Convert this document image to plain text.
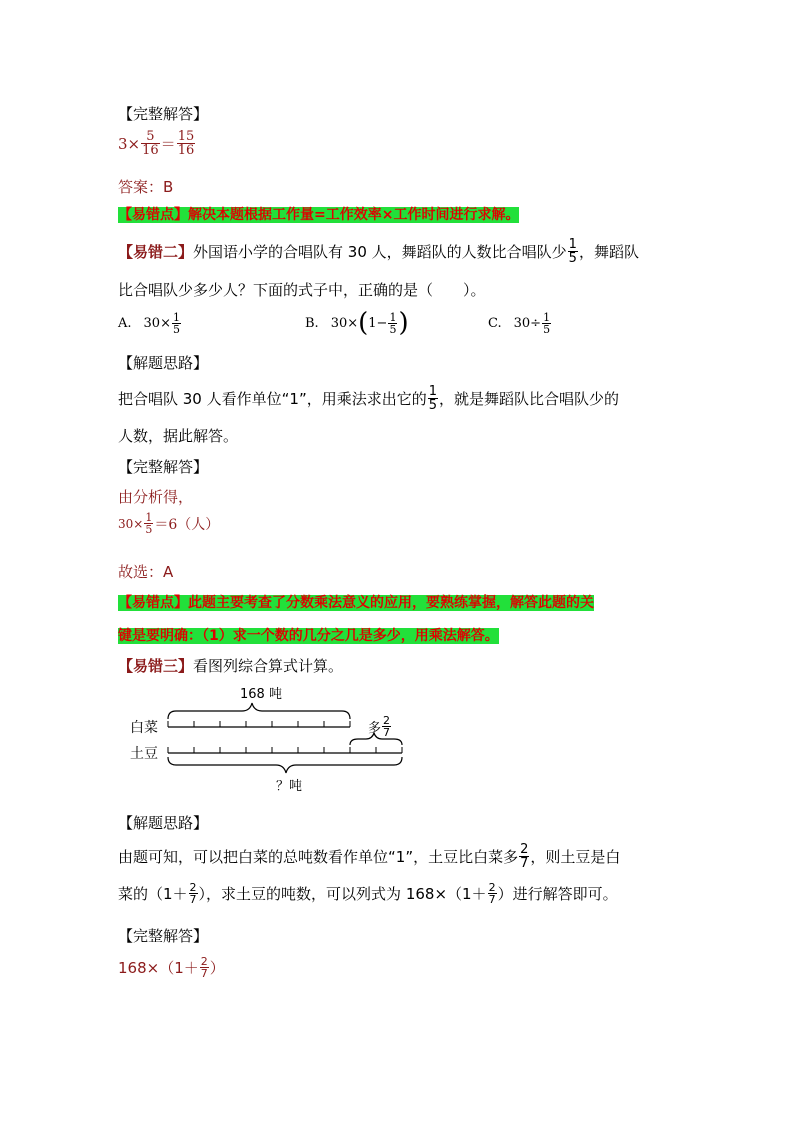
【完整解答】
$3\times \frac{5}{16} = \frac{15}{16}$
答案：B
【易错点】解决本题根据工作量=工作效率×工作时间进行求解。
【易错二】 外国语小学的合唱队有 30 人，舞蹈队的人数比合唱队少 $\frac{1}{5}$ ，舞蹈队
比合唱队少多少人？下面的式子中，正确的是（　　）。
A. $30\times \frac{1}{5}$	B. 30× ( $1- \frac{1}{5}$ )	C. $30\div \frac{1}{5}$
【解题思路】
把合唱队 30 人看作单位“1”，用乘法求出它的 $\frac{1}{5}$ ，就是舞蹈队比合唱队少的
人数，据此解答。
【完整解答】
由分析得，
$30\times \frac{1}{5} =6$（人）
故选：A
【易错点】此题主要考查了分数乘法意义的应用，要熟练掌握，解答此题的关
键是要明确：（1）求一个数的几分之几是多少，用乘法解答。
【易错三】看图列综合算式计算。
168 吨
白菜
土豆
多 $\frac{2}{7}$
？吨
【解题思路】
由题可知，可以把白菜的总吨数看作单位“1”，土豆比白菜多 $\frac{2}{7}$ ，则土豆是白
菜的（$1+ \frac{2}{7}$ ），求土豆的吨数，可以列式为 $168\times(1+ \frac{2}{7}$ ）进行解答即可。
【完整解答】
$168\times(1+ \frac{2}{7}$ ）
